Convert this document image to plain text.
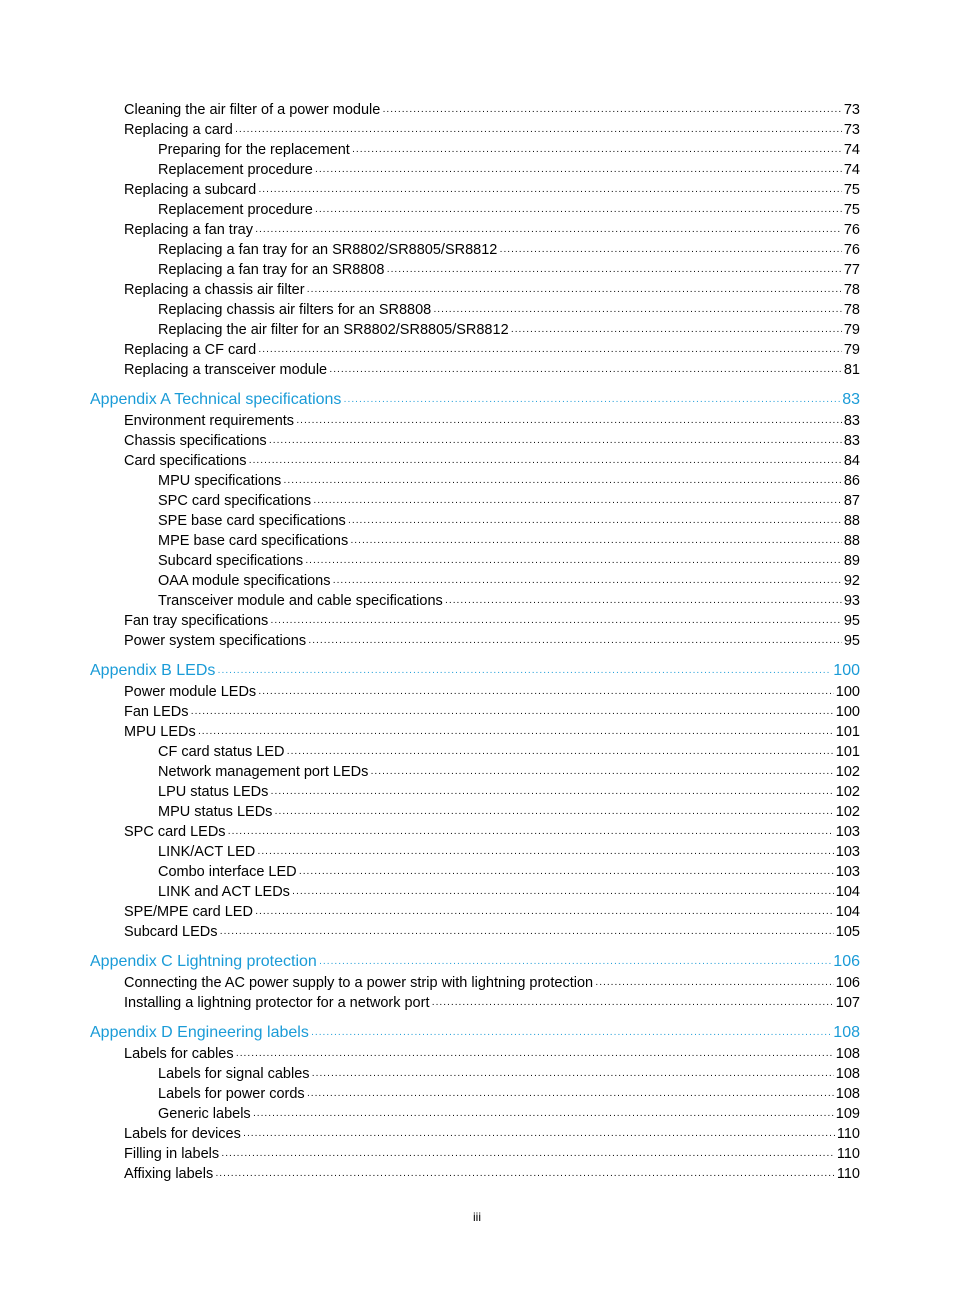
Cleaning the air filter of a power module ·····	73
Replacing a card ·····	73
Preparing for the replacement ·····	74
Replacement procedure ·····	74
Replacing a subcard ·····	75
Replacement procedure ·····	75
Replacing a fan tray ·····	76
Replacing a fan tray for an SR8802/SR8805/SR8812 ·····	76
Replacing a fan tray for an SR8808 ·····	77
Replacing a chassis air filter ·····	78
Replacing chassis air filters for an SR8808 ·····	78
Replacing the air filter for an SR8802/SR8805/SR8812 ·····	79
Replacing a CF card ·····	79
Replacing a transceiver module ·····	81
Appendix A Technical specifications ·····	83
Environment requirements ·····	83
Chassis specifications ·····	83
Card specifications ·····	84
MPU specifications ·····	86
SPC card specifications ·····	87
SPE base card specifications ·····	88
MPE base card specifications ·····	88
Subcard specifications ·····	89
OAA module specifications ·····	92
Transceiver module and cable specifications ·····	93
Fan tray specifications ·····	95
Power system specifications ·····	95
Appendix B LEDs ·····	100
Power module LEDs ·····	100
Fan LEDs ·····	100
MPU LEDs ·····	101
CF card status LED ·····	101
Network management port LEDs ·····	102
LPU status LEDs ·····	102
MPU status LEDs ·····	102
SPC card LEDs ·····	103
LINK/ACT LED ·····	103
Combo interface LED ·····	103
LINK and ACT LEDs ·····	104
SPE/MPE card LED ·····	104
Subcard LEDs ·····	105
Appendix C Lightning protection ·····	106
Connecting the AC power supply to a power strip with lightning protection ·····	106
Installing a lightning protector for a network port ·····	107
Appendix D Engineering labels ·····	108
Labels for cables ·····	108
Labels for signal cables ·····	108
Labels for power cords ·····	108
Generic labels ·····	109
Labels for devices ·····	110
Filling in labels ·····	110
Affixing labels ·····	110
iii
